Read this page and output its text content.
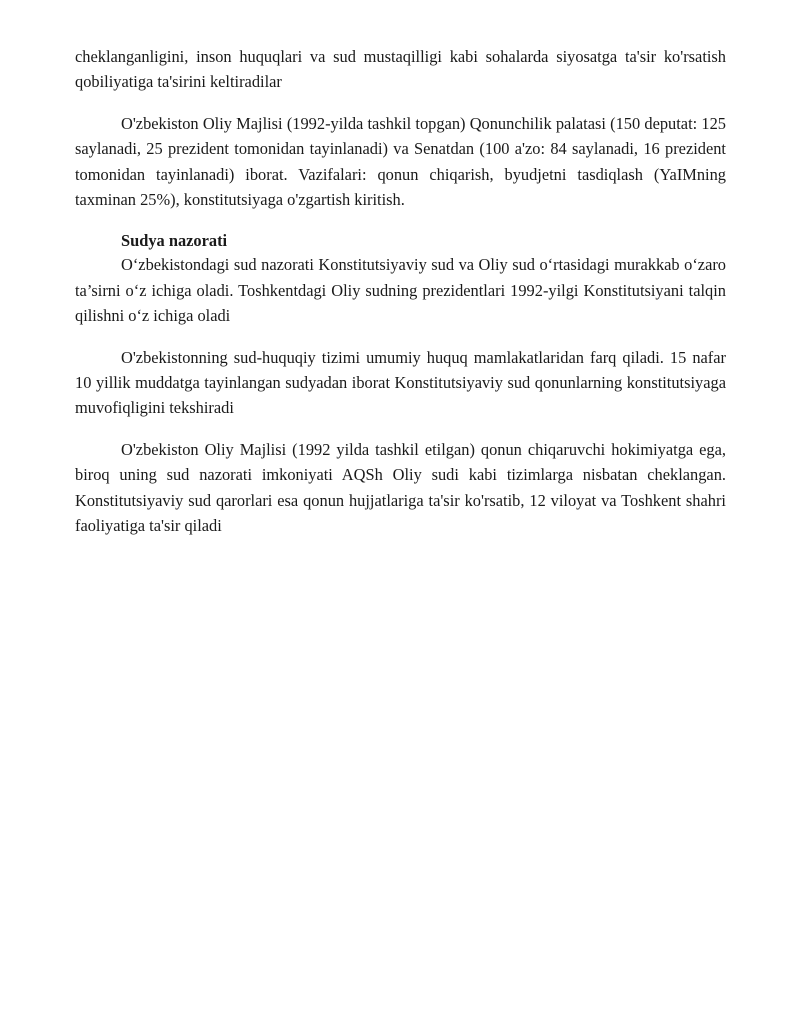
cheklanganligini, inson huquqlari va sud mustaqilligi kabi sohalarda siyosatga ta'sir ko'rsatish qobiliyatiga ta'sirini keltiradilar

O'zbekiston Oliy Majlisi (1992-yilda tashkil topgan) Qonunchilik palatasi (150 deputat: 125 saylanadi, 25 prezident tomonidan tayinlanadi) va Senatdan (100 a'zo: 84 saylanadi, 16 prezident tomonidan tayinlanadi) iborat. Vazifalari: qonun chiqarish, byudjetni tasdiqlash (YaIMning taxminan 25%), konstitutsiyaga o'zgartish kiritish.

Sudya nazorati

O‘zbekistondagi sud nazorati Konstitutsiyaviy sud va Oliy sud o‘rtasidagi murakkab o‘zaro ta’sirni o‘z ichiga oladi. Toshkentdagi Oliy sudning prezidentlari 1992-yilgi Konstitutsiyani talqin qilishni o‘z ichiga oladi

O'zbekistonning sud-huquqiy tizimi umumiy huquq mamlakatlaridan farq qiladi. 15 nafar 10 yillik muddatga tayinlangan sudyadan iborat Konstitutsiyaviy sud qonunlarning konstitutsiyaga muvofiqligini tekshiradi

O'zbekiston Oliy Majlisi (1992 yilda tashkil etilgan) qonun chiqaruvchi hokimiyatga ega, biroq uning sud nazorati imkoniyati AQSh Oliy sudi kabi tizimlarga nisbatan cheklangan. Konstitutsiyaviy sud qarorlari esa qonun hujjatlariga ta'sir ko'rsatib, 12 viloyat va Toshkent shahri faoliyatiga ta'sir qiladi
